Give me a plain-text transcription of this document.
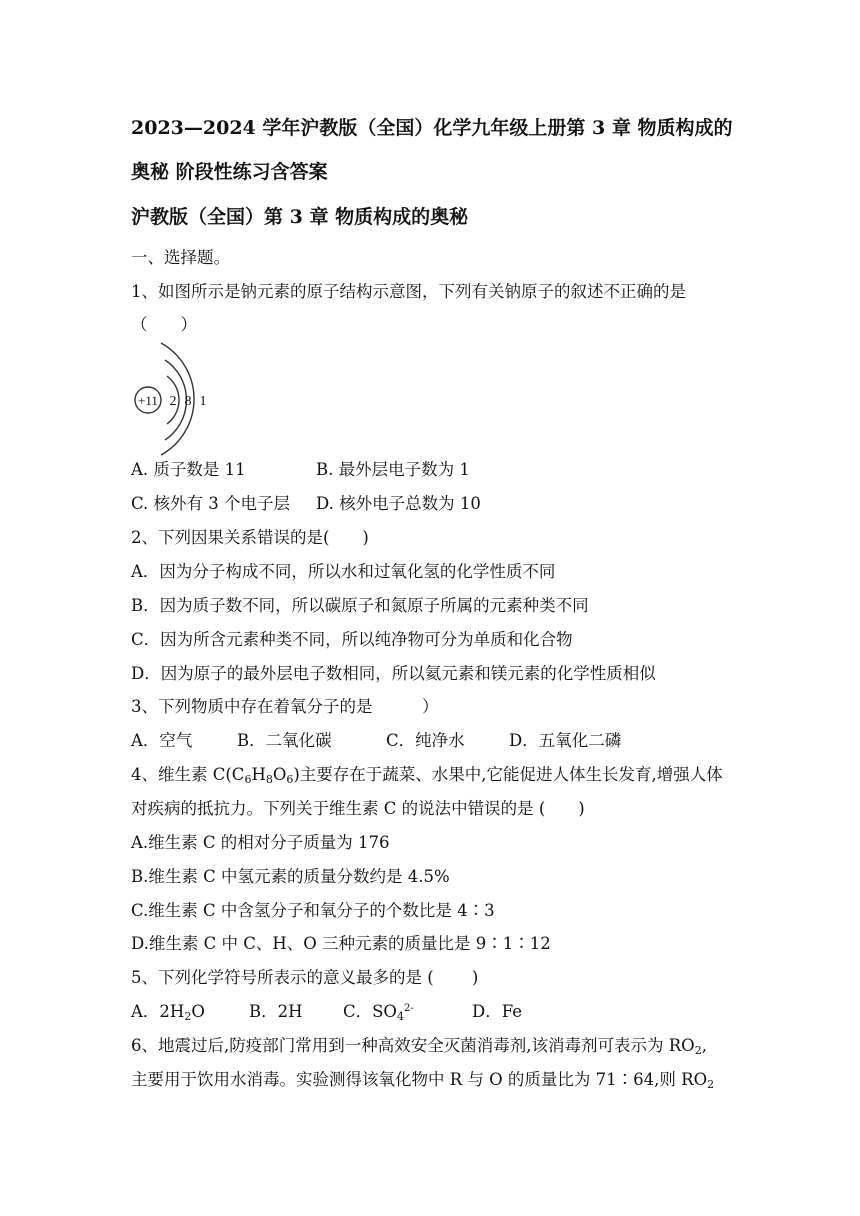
2023—2024 学年沪教版（全国）化学九年级上册第 3 章 物质构成的
奥秘 阶段性练习含答案
沪教版（全国）第 3 章 物质构成的奥秘
一、选择题。
1、如图所示是钠元素的原子结构示意图，下列有关钠原子的叙述不正确的是
（　　）
+11 2 8 1
A. 质子数是 11	B. 最外层电子数为 1
C. 核外有 3 个电子层 D. 核外电子总数为 10
2、下列因果关系错误的是(　　)
A．因为分子构成不同，所以水和过氧化氢的化学性质不同
B．因为质子数不同，所以碳原子和氮原子所属的元素种类不同
C．因为所含元素种类不同，所以纯净物可分为单质和化合物
D．因为原子的最外层电子数相同，所以氦元素和镁元素的化学性质相似
3、下列物质中存在着氧分子的是　　　）
A．空气	B．二氧化碳	C．纯净水	D．五氧化二磷
4、维生素 $C(C_6H_8O_6)$主要存在于蔬菜、水果中,它能促进人体生长发育,增强人体
对疾病的抵抗力。下列关于维生素 C 的说法中错误的是 (　　)
A.维生素 C 的相对分子质量为 176
B.维生素 C 中氢元素的质量分数约是 4.5%
C.维生素 C 中含氢分子和氧分子的个数比是 4∶3
D.维生素 C 中 C、H、O 三种元素的质量比是 9∶1∶12
5、下列化学符号所表示的意义最多的是 (　　 )
A．$2H_2O$	B．2H C．$SO_4^{2-}$	D．Fe
6、地震过后,防疫部门常用到一种高效安全灭菌消毒剂,该消毒剂可表示为 $RO_2$,
主要用于饮用水消毒。实验测得该氧化物中 R 与 O 的质量比为 71∶64,则 $RO_2$
